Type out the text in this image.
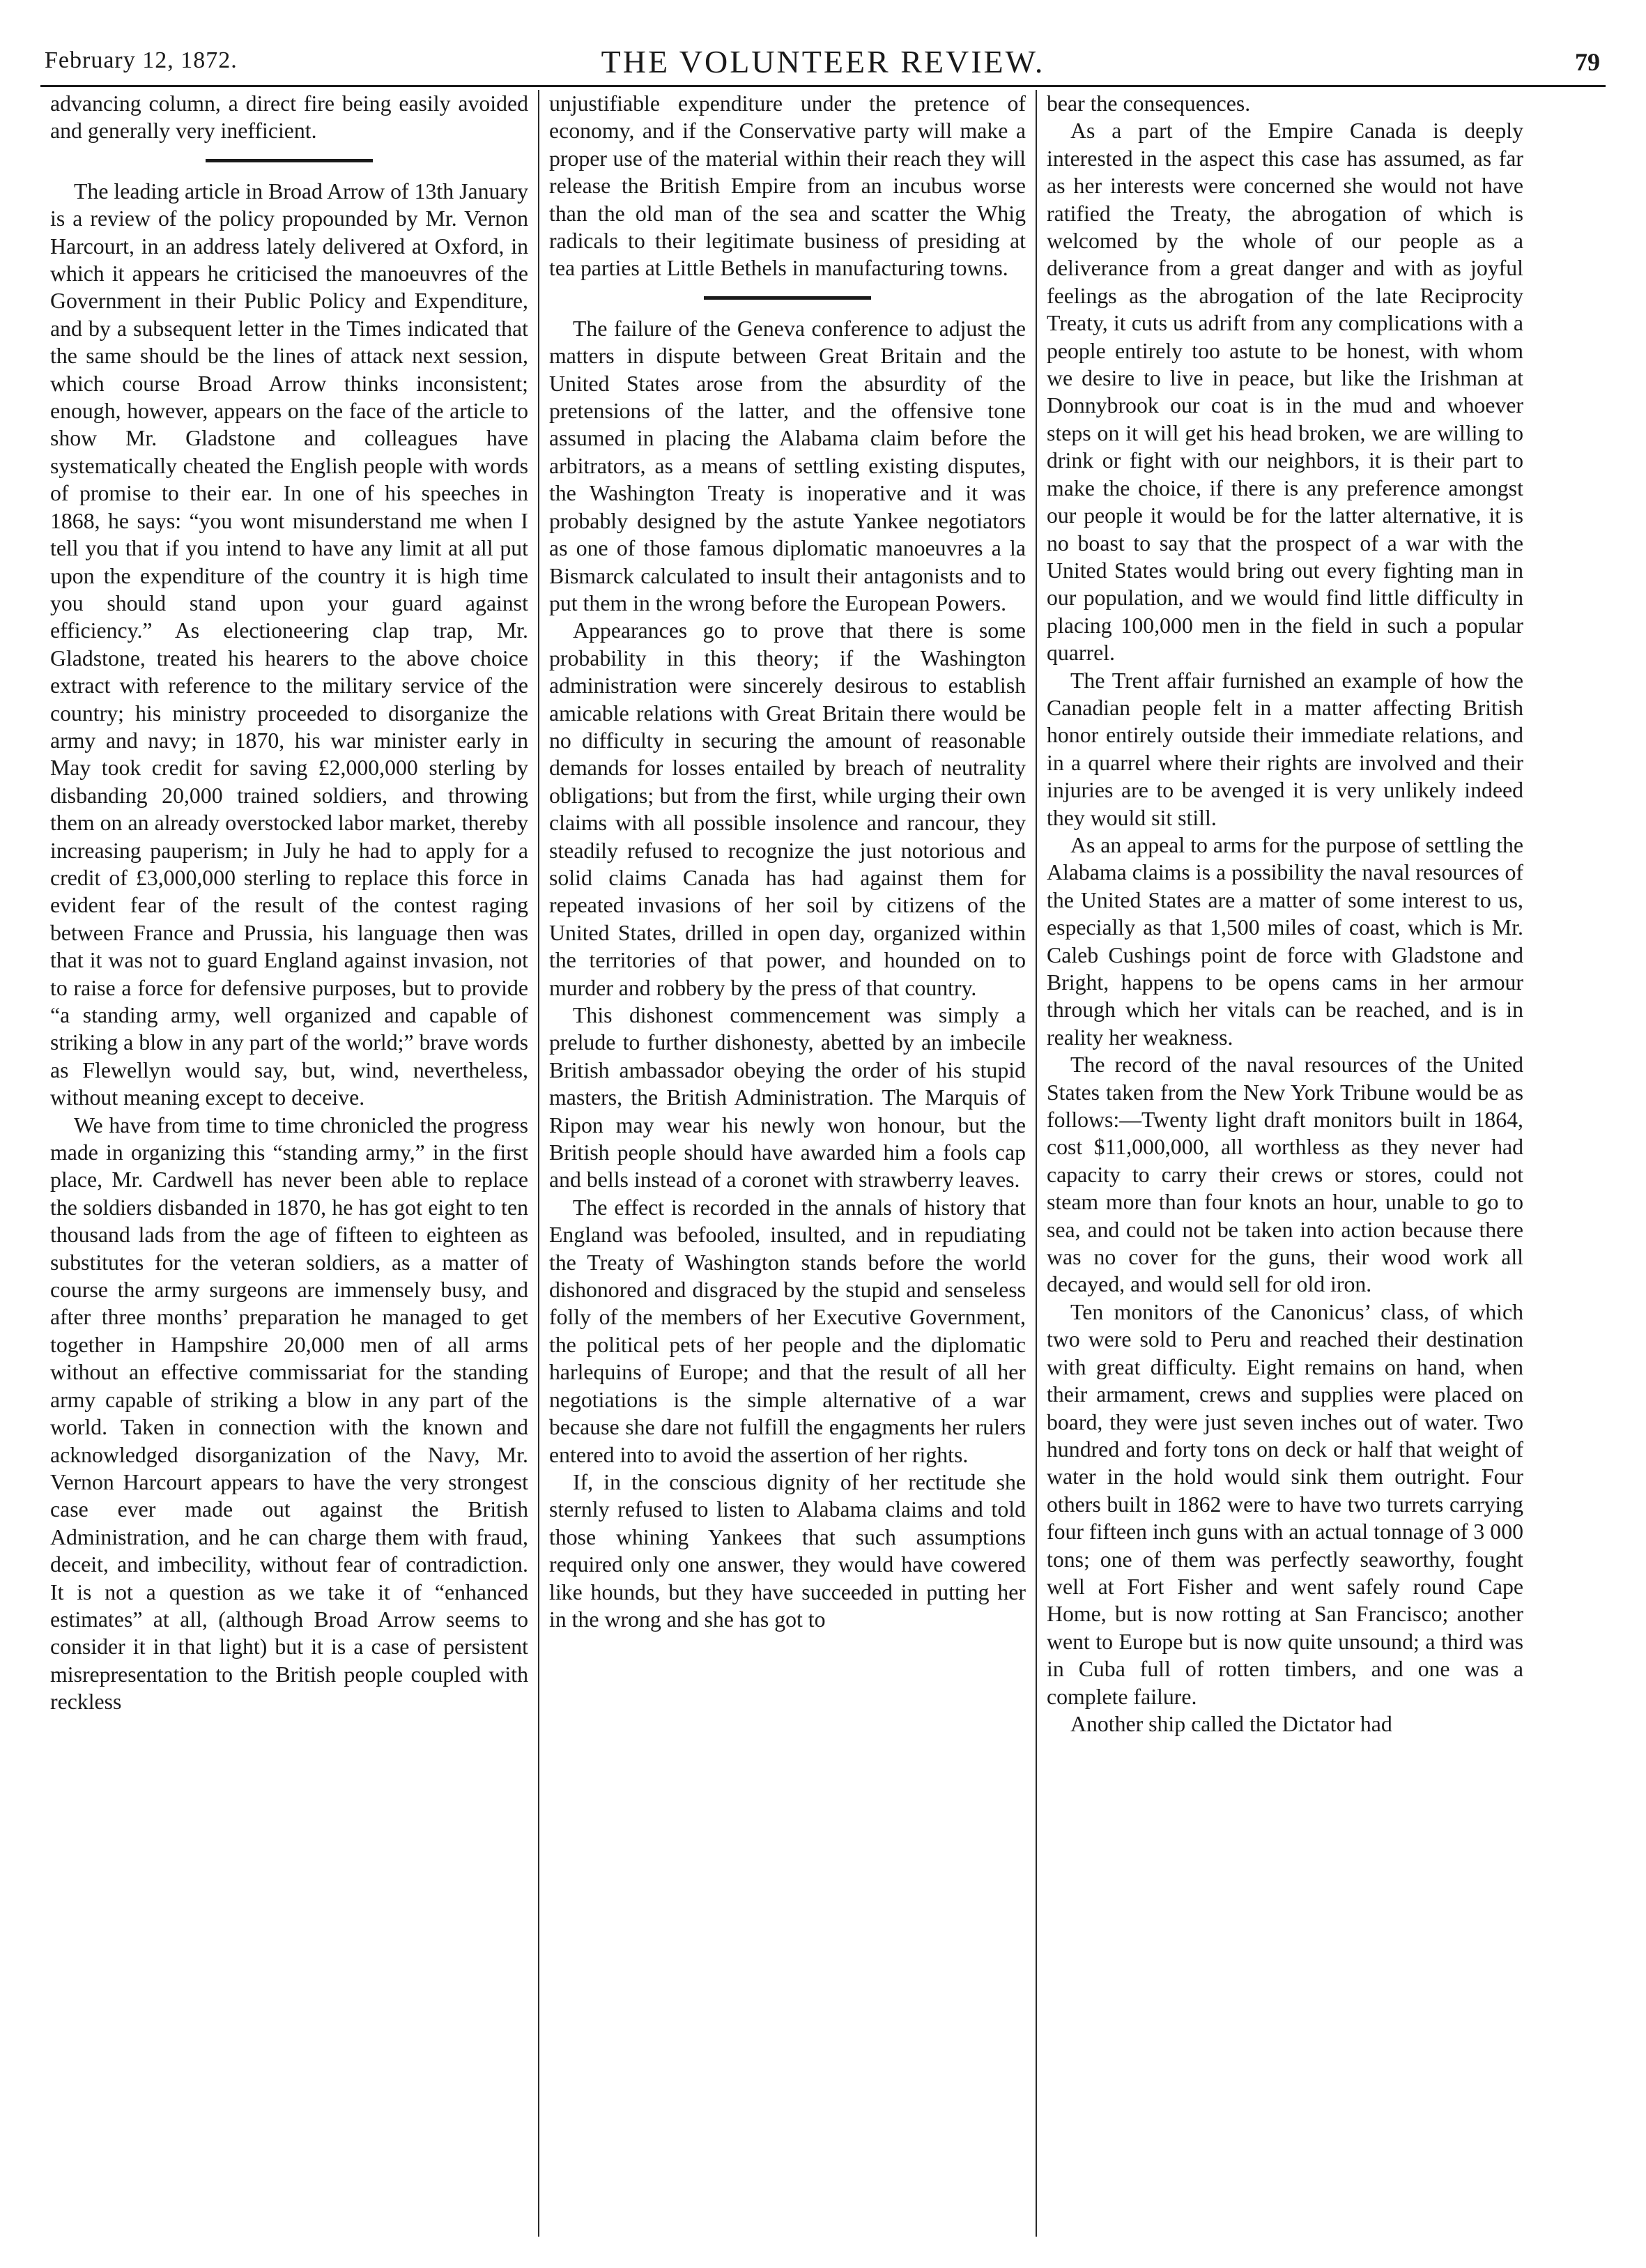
February 12, 1872.	THE VOLUNTEER REVIEW.	79

advancing column, a direct fire being easily avoided and generally very inefficient.

The leading article in Broad Arrow of 13th January is a review of the policy propounded by Mr. Vernon Harcourt, in an address lately delivered at Oxford, in which it appears he criticised the manoeuvres of the Government in their Public Policy and Expenditure, and by a subsequent letter in the Times indicated that the same should be the lines of attack next session, which course Broad Arrow thinks inconsistent; enough, however, appears on the face of the article to show Mr. Gladstone and colleagues have systematically cheated the English people with words of promise to their ear. In one of his speeches in 1868, he says: “you wont misunderstand me when I tell you that if you intend to have any limit at all put upon the expenditure of the country it is high time you should stand upon your guard against efficiency.” As electioneering clap trap, Mr. Gladstone, treated his hearers to the above choice extract with reference to the military service of the country; his ministry proceeded to disorganize the army and navy; in 1870, his war minister early in May took credit for saving £2,000,000 sterling by disbanding 20,000 trained soldiers, and throwing them on an already overstocked labor market, thereby increasing pauperism; in July he had to apply for a credit of £3,000,000 sterling to replace this force in evident fear of the result of the contest raging between France and Prussia, his language then was that it was not to guard England against invasion, not to raise a force for defensive purposes, but to provide “a standing army, well organized and capable of striking a blow in any part of the world;” brave words as Flewellyn would say, but, wind, nevertheless, without meaning except to deceive.

We have from time to time chronicled the progress made in organizing this “standing army,” in the first place, Mr. Cardwell has never been able to replace the soldiers disbanded in 1870, he has got eight to ten thousand lads from the age of fifteen to eighteen as substitutes for the veteran soldiers, as a matter of course the army surgeons are immensely busy, and after three months’ preparation he managed to get together in Hampshire 20,000 men of all arms without an effective commissariat for the standing army capable of striking a blow in any part of the world. Taken in connection with the known and acknowledged disorganization of the Navy, Mr. Vernon Harcourt appears to have the very strongest case ever made out against the British Administration, and he can charge them with fraud, deceit, and imbecility, without fear of contradiction. It is not a question as we take it of “enhanced estimates” at all, (although Broad Arrow seems to consider it in that light) but it is a case of persistent misrepresentation to the British people coupled with reckless

unjustifiable expenditure under the pretence of economy, and if the Conservative party will make a proper use of the material within their reach they will release the British Empire from an incubus worse than the old man of the sea and scatter the Whig radicals to their legitimate business of presiding at tea parties at Little Bethels in manufacturing towns.

The failure of the Geneva conference to adjust the matters in dispute between Great Britain and the United States arose from the absurdity of the pretensions of the latter, and the offensive tone assumed in placing the Alabama claim before the arbitrators, as a means of settling existing disputes, the Washington Treaty is inoperative and it was probably designed by the astute Yankee negotiators as one of those famous diplomatic manoeuvres a la Bismarck calculated to insult their antagonists and to put them in the wrong before the European Powers.

Appearances go to prove that there is some probability in this theory; if the Washington administration were sincerely desirous to establish amicable relations with Great Britain there would be no difficulty in securing the amount of reasonable demands for losses entailed by breach of neutrality obligations; but from the first, while urging their own claims with all possible insolence and rancour, they steadily refused to recognize the just notorious and solid claims Canada has had against them for repeated invasions of her soil by citizens of the United States, drilled in open day, organized within the territories of that power, and hounded on to murder and robbery by the press of that country.

This dishonest commencement was simply a prelude to further dishonesty, abetted by an imbecile British ambassador obeying the order of his stupid masters, the British Administration. The Marquis of Ripon may wear his newly won honour, but the British people should have awarded him a fools cap and bells instead of a coronet with strawberry leaves.

The effect is recorded in the annals of history that England was befooled, insulted, and in repudiating the Treaty of Washington stands before the world dishonored and disgraced by the stupid and senseless folly of the members of her Executive Government, the political pets of her people and the diplomatic harlequins of Europe; and that the result of all her negotiations is the simple alternative of a war because she dare not fulfill the engagments her rulers entered into to avoid the assertion of her rights.

If, in the conscious dignity of her rectitude she sternly refused to listen to Alabama claims and told those whining Yankees that such assumptions required only one answer, they would have cowered like hounds, but they have succeeded in putting her in the wrong and she has got to

bear the consequences.

As a part of the Empire Canada is deeply interested in the aspect this case has assumed, as far as her interests were concerned she would not have ratified the Treaty, the abrogation of which is welcomed by the whole of our people as a deliverance from a great danger and with as joyful feelings as the abrogation of the late Reciprocity Treaty, it cuts us adrift from any complications with a people entirely too astute to be honest, with whom we desire to live in peace, but like the Irishman at Donnybrook our coat is in the mud and whoever steps on it will get his head broken, we are willing to drink or fight with our neighbors, it is their part to make the choice, if there is any preference amongst our people it would be for the latter alternative, it is no boast to say that the prospect of a war with the United States would bring out every fighting man in our population, and we would find little difficulty in placing 100,000 men in the field in such a popular quarrel.

The Trent affair furnished an example of how the Canadian people felt in a matter affecting British honor entirely outside their immediate relations, and in a quarrel where their rights are involved and their injuries are to be avenged it is very unlikely indeed they would sit still.

As an appeal to arms for the purpose of settling the Alabama claims is a possibility the naval resources of the United States are a matter of some interest to us, especially as that 1,500 miles of coast, which is Mr. Caleb Cushings point de force with Gladstone and Bright, happens to be opens cams in her armour through which her vitals can be reached, and is in reality her weakness.

The record of the naval resources of the United States taken from the New York Tribune would be as follows:—Twenty light draft monitors built in 1864, cost $11,000,000, all worthless as they never had capacity to carry their crews or stores, could not steam more than four knots an hour, unable to go to sea, and could not be taken into action because there was no cover for the guns, their wood work all decayed, and would sell for old iron.

Ten monitors of the Canonicus’ class, of which two were sold to Peru and reached their destination with great difficulty. Eight remains on hand, when their armament, crews and supplies were placed on board, they were just seven inches out of water. Two hundred and forty tons on deck or half that weight of water in the hold would sink them outright. Four others built in 1862 were to have two turrets carrying four fifteen inch guns with an actual tonnage of 3 000 tons; one of them was perfectly seaworthy, fought well at Fort Fisher and went safely round Cape Home, but is now rotting at San Francisco; another went to Europe but is now quite unsound; a third was in Cuba full of rotten timbers, and one was a complete failure.

Another ship called the Dictator had
